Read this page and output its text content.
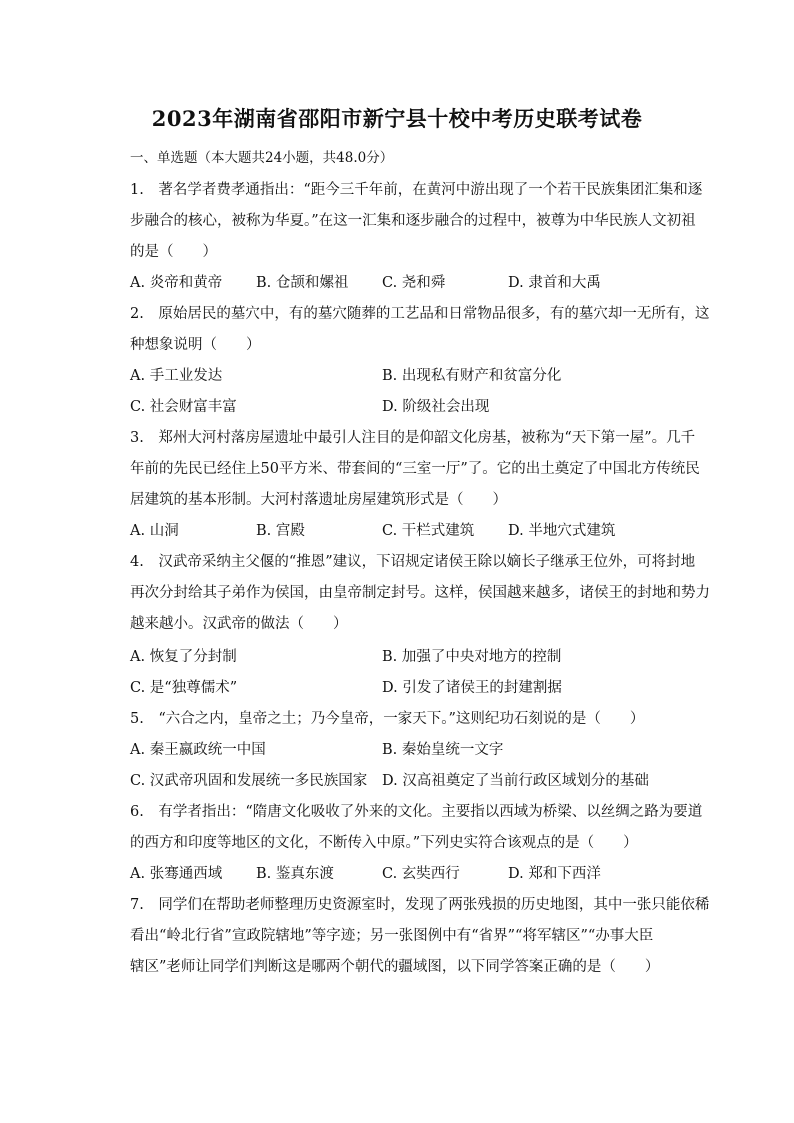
2023年湖南省邵阳市新宁县十校中考历史联考试卷
一、单选题（本大题共24小题，共48.0分）
1.　著名学者费孝通指出：“距今三千年前，在黄河中游出现了一个若干民族集团汇集和逐
步融合的核心，被称为华夏。”在这一汇集和逐步融合的过程中，被尊为中华民族人文初祖
的是（　　）
A. 炎帝和黄帝 B. 仓颉和嫘祖 C. 尧和舜	D. 隶首和大禹
2.　原始居民的墓穴中，有的墓穴随葬的工艺品和日常物品很多，有的墓穴却一无所有，这
种想象说明（　　）
A. 手工业发达	B. 出现私有财产和贫富分化
C. 社会财富丰富	D. 阶级社会出现
3.　郑州大河村落房屋遗址中最引人注目的是仰韶文化房基，被称为“天下第一屋”。几千
年前的先民已经住上50平方米、带套间的“三室一厅”了。它的出土奠定了中国北方传统民
居建筑的基本形制。大河村落遗址房屋建筑形式是（　　）
A. 山洞	B. 宫殿	C. 干栏式建筑 D. 半地穴式建筑
4.　汉武帝采纳主父偃的“推恩”建议，下诏规定诸侯王除以嫡长子继承王位外，可将封地
再次分封给其子弟作为侯国，由皇帝制定封号。这样，侯国越来越多，诸侯王的封地和势力
越来越小。汉武帝的做法（　　）
A. 恢复了分封制	B. 加强了中央对地方的控制
C. 是“独尊儒术”	D. 引发了诸侯王的封建割据
5.　“六合之内，皇帝之土；乃今皇帝，一家天下。”这则纪功石刻说的是（　　）
A. 秦王嬴政统一中国	B. 秦始皇统一文字
C. 汉武帝巩固和发展统一多民族国家 D. 汉高祖奠定了当前行政区域划分的基础
6.　有学者指出：“隋唐文化吸收了外来的文化。主要指以西域为桥梁、以丝绸之路为要道
的西方和印度等地区的文化，不断传入中原。”下列史实符合该观点的是（　　）
A. 张骞通西域 B. 鉴真东渡	C. 玄奘西行	D. 郑和下西洋
7.　同学们在帮助老师整理历史资源室时，发现了两张残损的历史地图，其中一张只能依稀
看出“岭北行省”宣政院辖地”等字迹；另一张图例中有“省界”“将军辖区”“办事大臣
辖区”老师让同学们判断这是哪两个朝代的疆域图，以下同学答案正确的是（　　）
